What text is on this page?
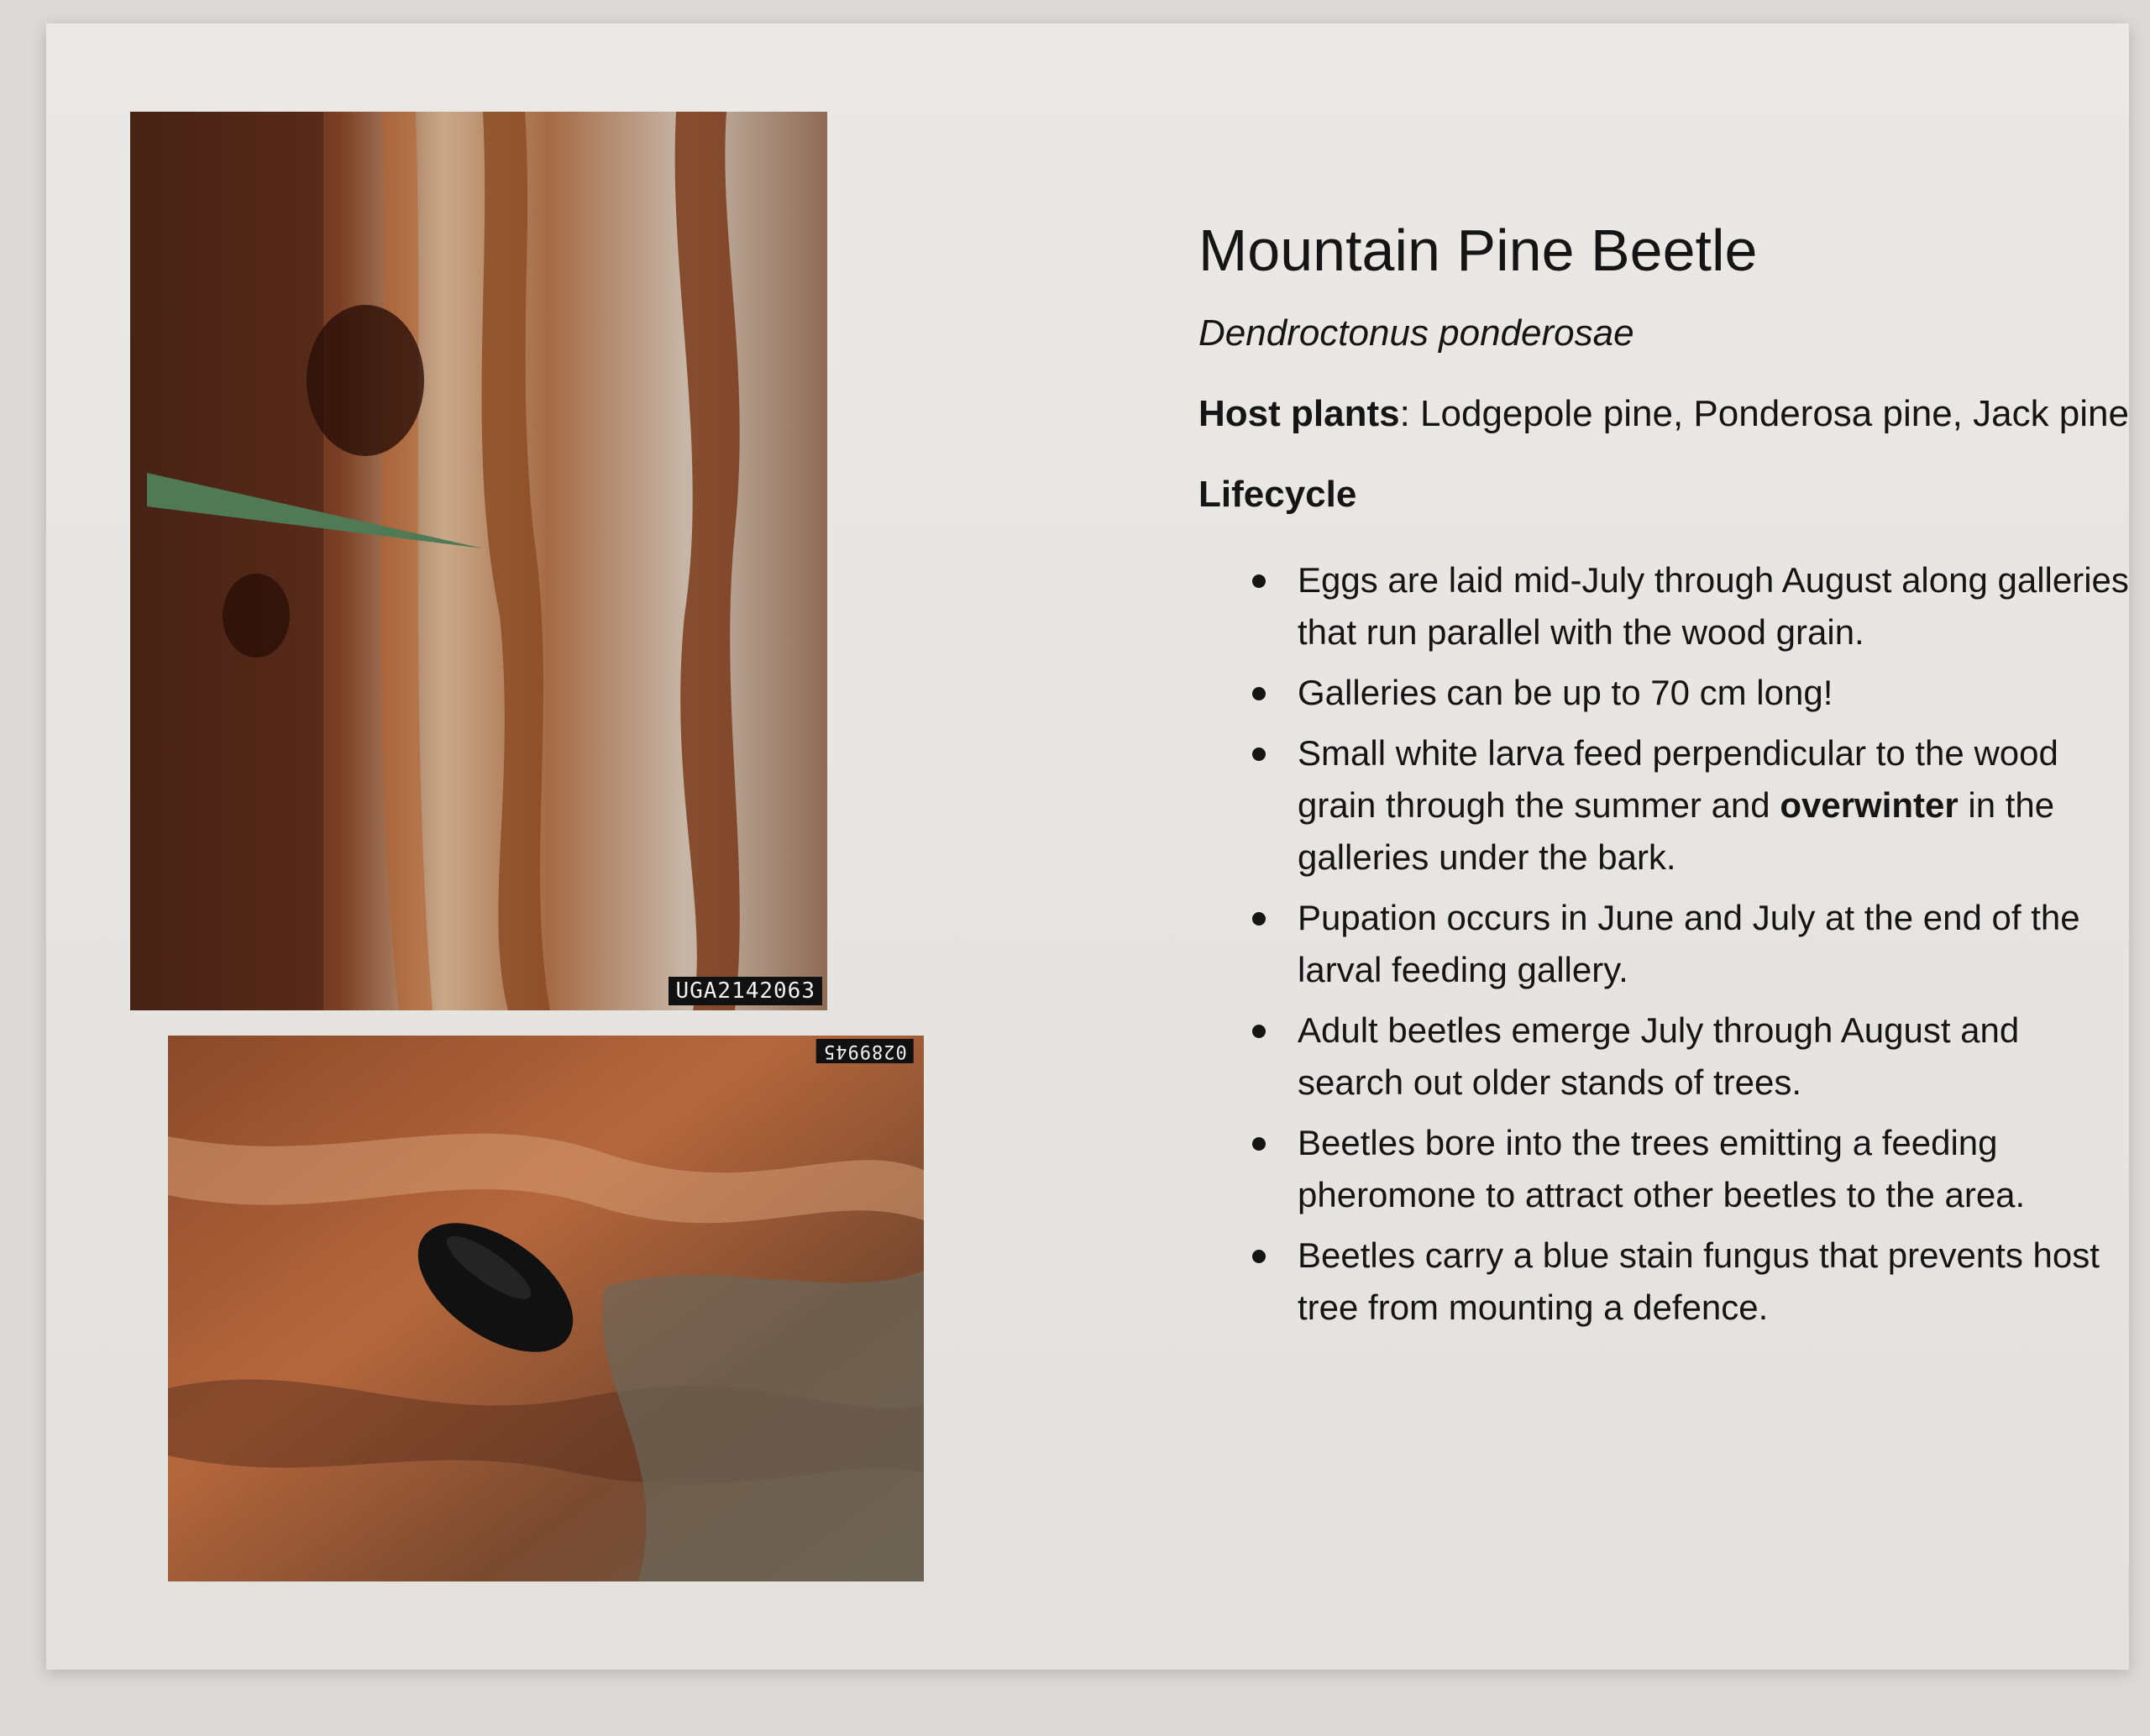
UGA2142063
0289945
Mountain Pine Beetle
Dendroctonus ponderosae
Host plants: Lodgepole pine, Ponderosa pine, Jack pine
Lifecycle
Eggs are laid mid-July through August along galleries that run parallel with the wood grain.
Galleries can be up to 70 cm long!
Small white larva feed perpendicular to the wood grain through the summer and overwinter in the galleries under the bark.
Pupation occurs in June and July at the end of the larval feeding gallery.
Adult beetles emerge July through August and search out older stands of trees.
Beetles bore into the trees emitting a feeding pheromone to attract other beetles to the area.
Beetles carry a blue stain fungus that prevents host tree from mounting a defence.
